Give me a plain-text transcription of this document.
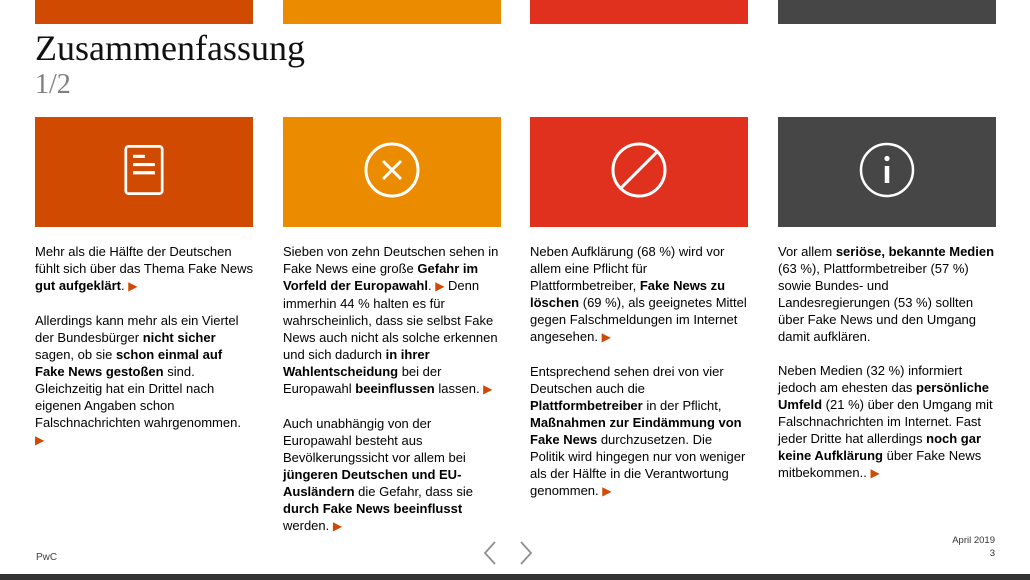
Zusammenfassung
1/2

Mehr als die Hälfte der Deutschen fühlt sich über das Thema Fake News gut aufgeklärt. ▶

Allerdings kann mehr als ein Viertel der Bundesbürger nicht sicher sagen, ob sie schon einmal auf Fake News gestoßen sind. Gleichzeitig hat ein Drittel nach eigenen Angaben schon Falschnachrichten wahrgenommen. ▶

Sieben von zehn Deutschen sehen in Fake News eine große Gefahr im Vorfeld der Europawahl. ▶ Denn immerhin 44 % halten es für wahrscheinlich, dass sie selbst Fake News auch nicht als solche erkennen und sich dadurch in ihrer Wahlentscheidung bei der Europawahl beeinflussen lassen. ▶

Auch unabhängig von der Europawahl besteht aus Bevölkerungssicht vor allem bei jüngeren Deutschen und EU-Ausländern die Gefahr, dass sie durch Fake News beeinflusst werden. ▶

Neben Aufklärung (68 %) wird vor allem eine Pflicht für Plattformbetreiber, Fake News zu löschen (69 %), als geeignetes Mittel gegen Falschmeldungen im Internet angesehen. ▶

Entsprechend sehen drei von vier Deutschen auch die Plattformbetreiber in der Pflicht, Maßnahmen zur Eindämmung von Fake News durchzusetzen. Die Politik wird hingegen nur von weniger als der Hälfte in die Verantwortung genommen. ▶

Vor allem seriöse, bekannte Medien (63 %), Plattformbetreiber (57 %) sowie Bundes- und Landesregierungen (53 %) sollten über Fake News und den Umgang damit aufklären.

Neben Medien (32 %) informiert jedoch am ehesten das persönliche Umfeld (21 %) über den Umgang mit Falschnachrichten im Internet. Fast jeder Dritte hat allerdings noch gar keine Aufklärung über Fake News mitbekommen.. ▶

PwC
April 2019
3
